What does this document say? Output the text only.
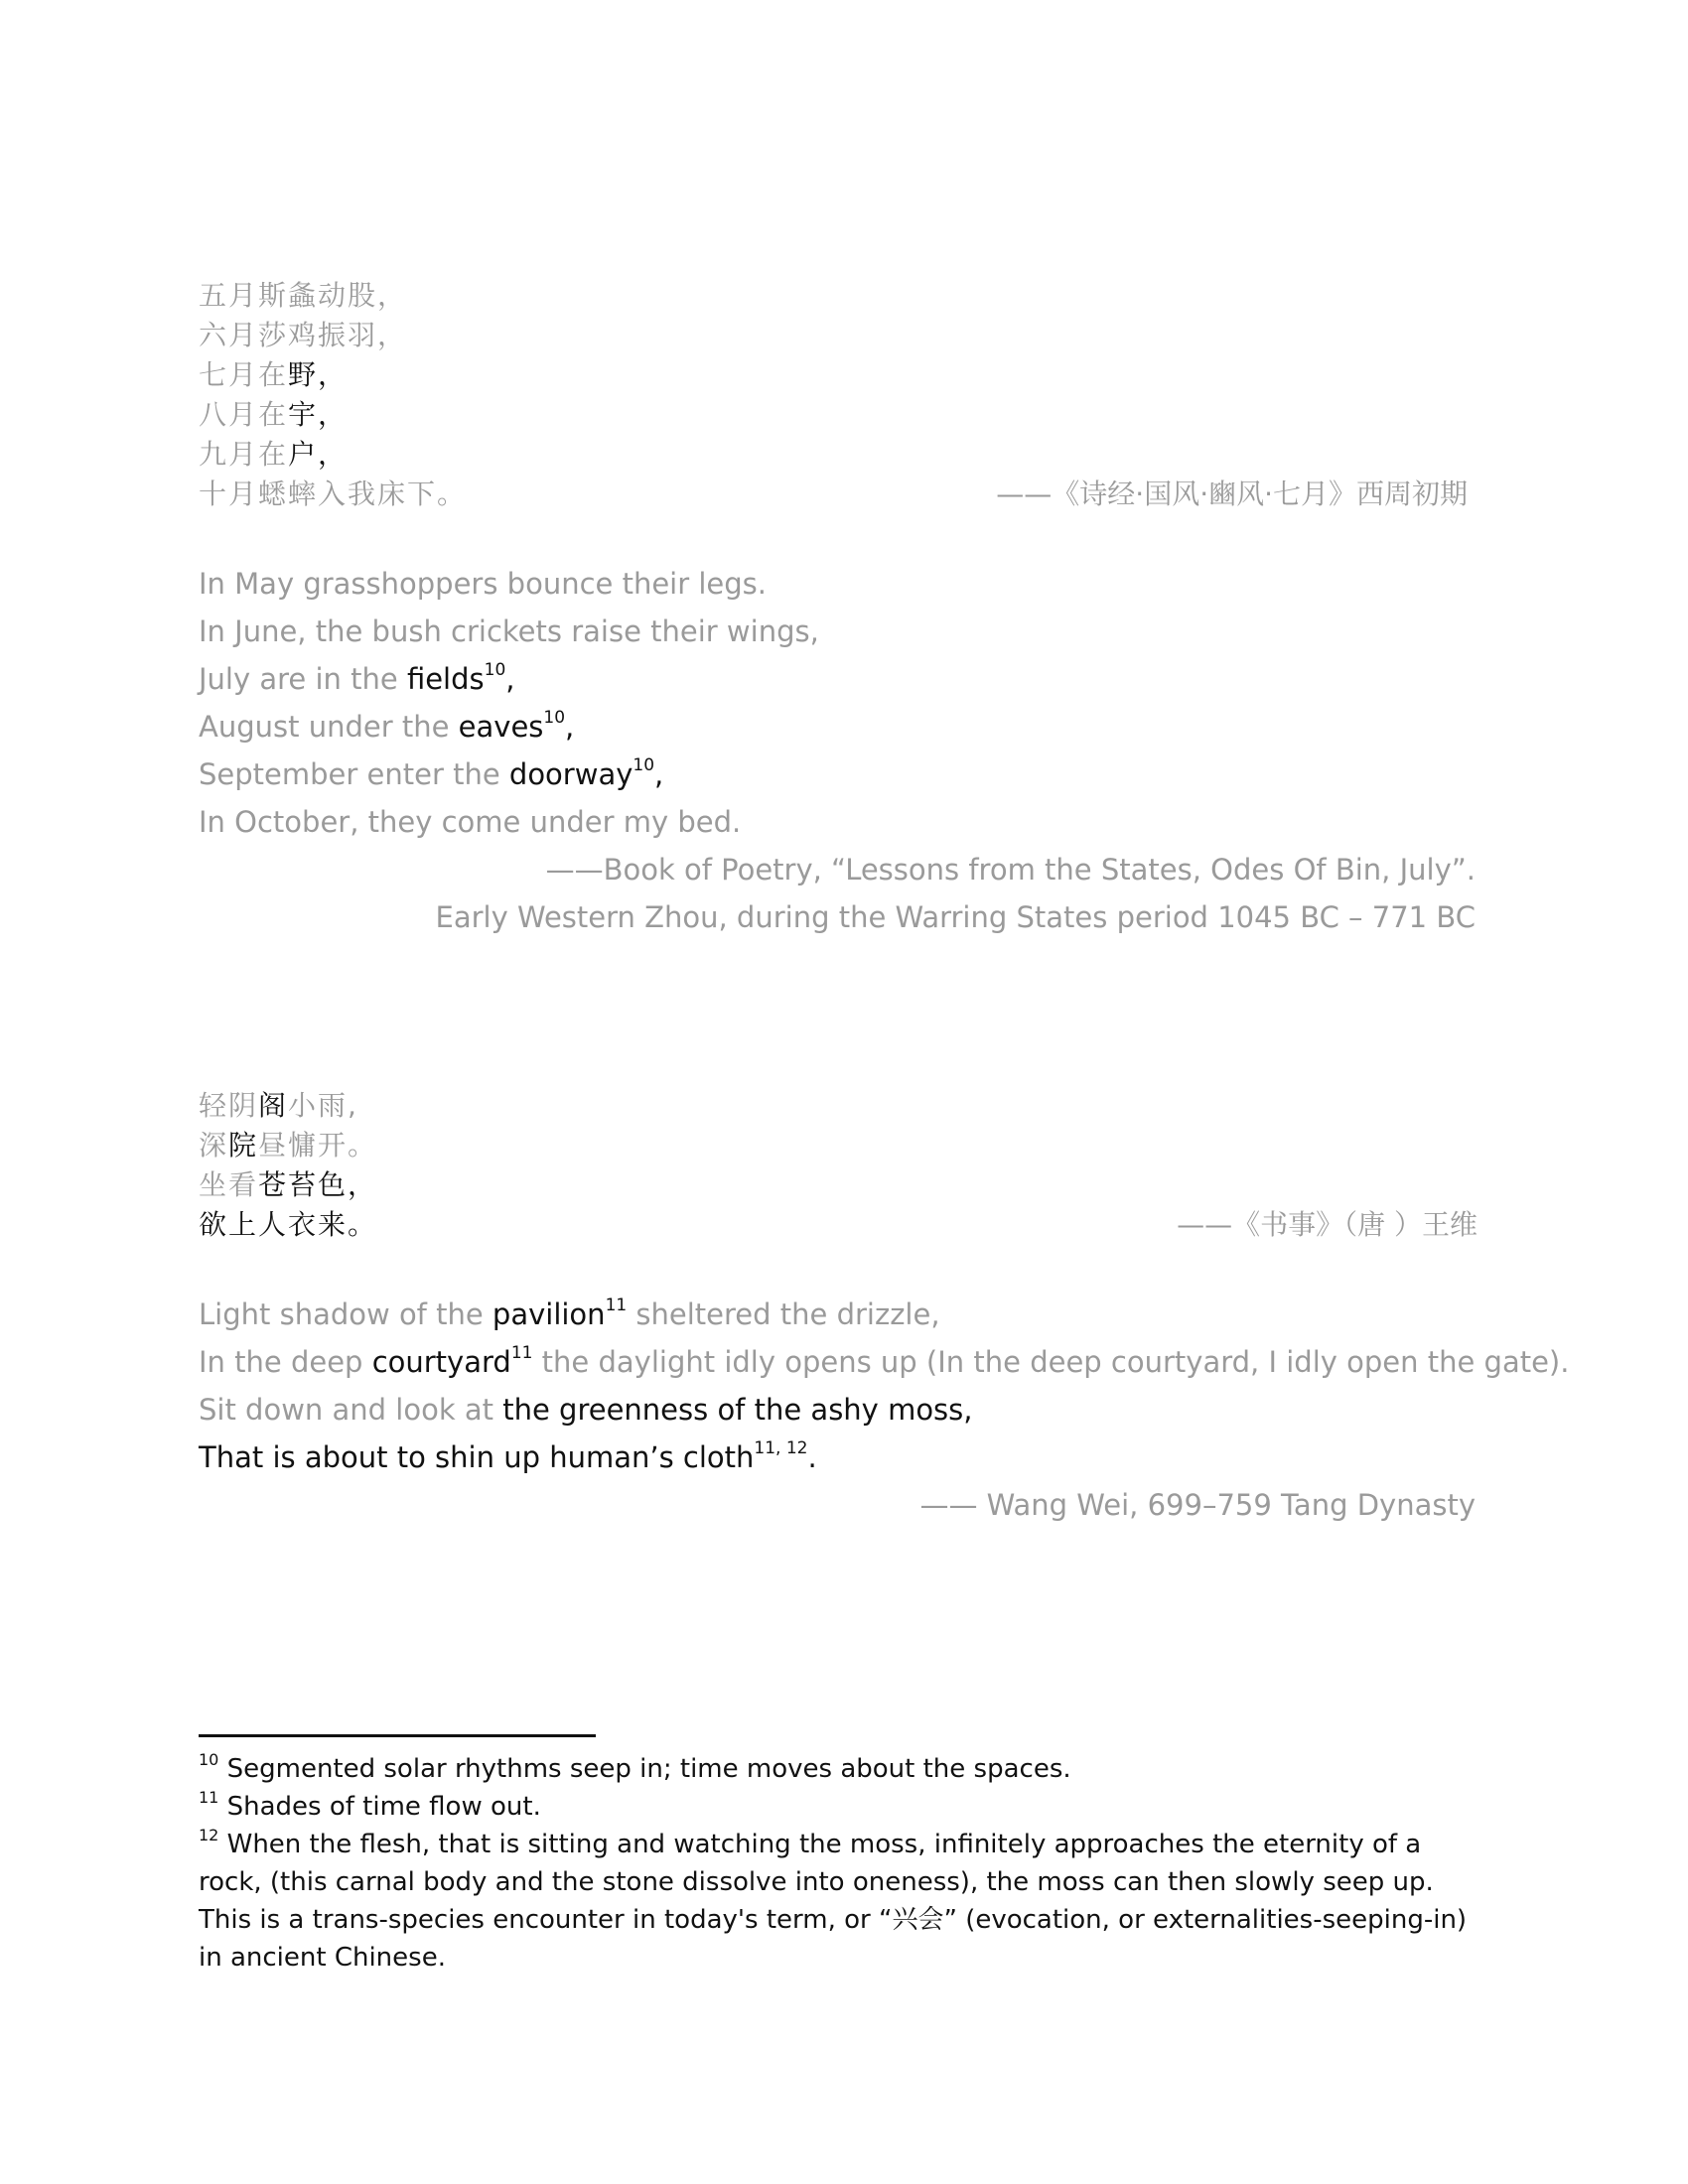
五月斯螽动股，
六月莎鸡振羽，
七月在野，
八月在宇，
九月在户，
十月蟋蟀入我床下。	——《诗经·国风·豳风·七月》西周初期
In May grasshoppers bounce their legs.
In June, the bush crickets raise their wings,
July are in the fields$^{10}$,
August under the eaves$^{10}$,
September enter the doorway$^{10}$,
In October, they come under my bed.
——Book of Poetry, “Lessons from the States, Odes Of Bin, July”.
Early Western Zhou, during the Warring States period 1045 BC – 771 BC
轻阴阁小雨,
深院昼慵开。
坐看苍苔色，
欲上人衣来。	——《书事》（唐 ）王维
Light shadow of the pavilion$^{11}$ sheltered the drizzle,
In the deep courtyard$^{11}$ the daylight idly opens up (In the deep courtyard, I idly open the gate).
Sit down and look at the greenness of the ashy moss,
That is about to shin up human’s cloth$^{11, 12}$.
—— Wang Wei, 699–759 Tang Dynasty
$^{10}$ Segmented solar rhythms seep in; time moves about the spaces.
$^{11}$ Shades of time flow out.
$^{12}$ When the flesh, that is sitting and watching the moss, infinitely approaches the eternity of a rock, (this carnal body and the stone dissolve into oneness), the moss can then slowly seep up. This is a trans-species encounter in today's term, or “兴会” (evocation, or externalities-seeping-in) in ancient Chinese.
